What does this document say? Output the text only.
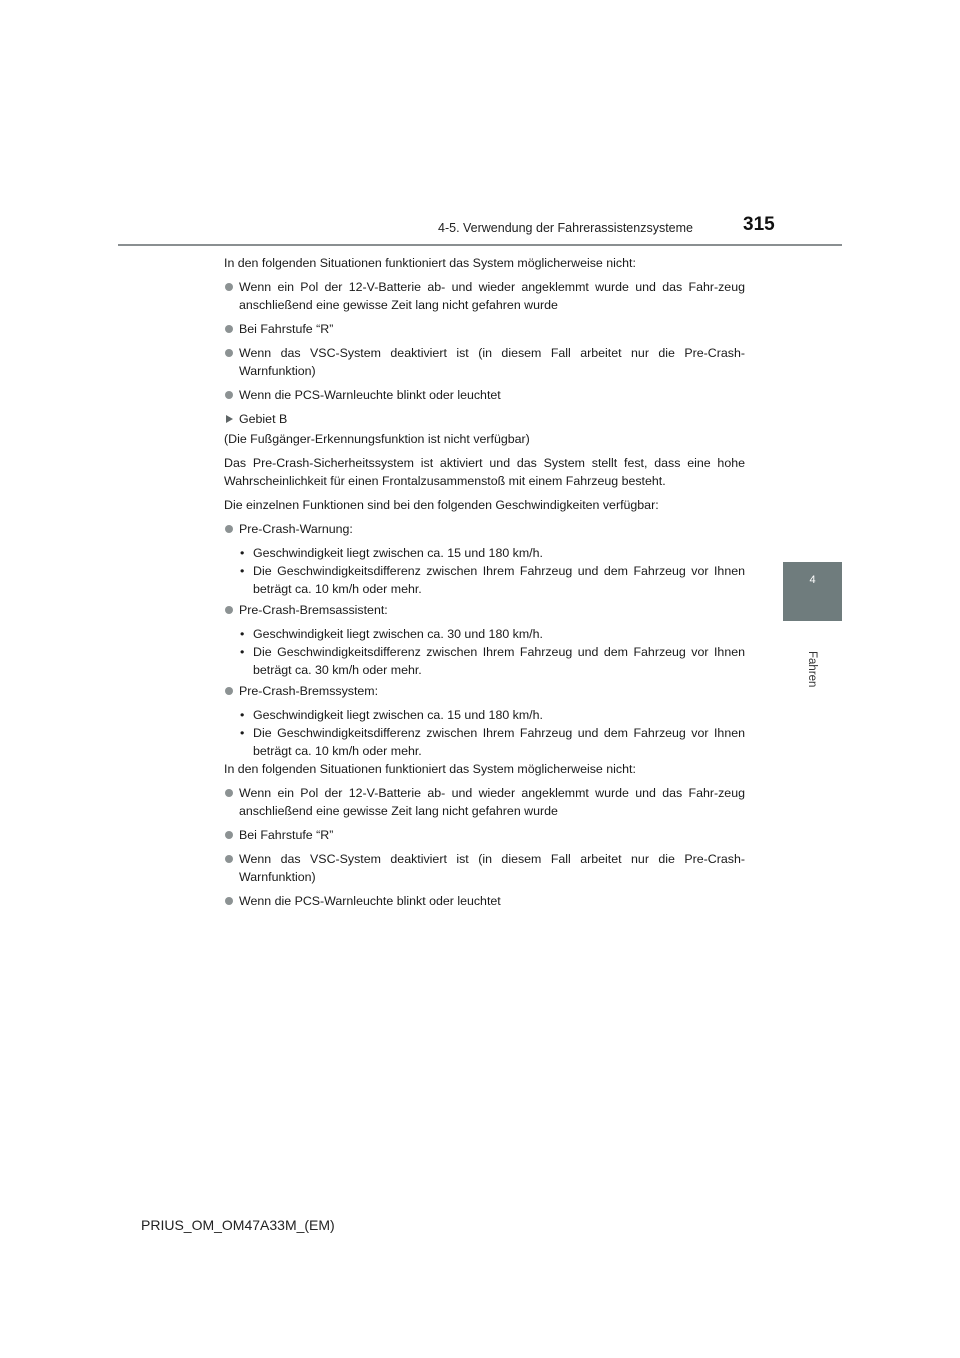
4-5. Verwendung der Fahrerassistenzsysteme	315
4
Fahren

In den folgenden Situationen funktioniert das System möglicherweise nicht:

Wenn ein Pol der 12-V-Batterie ab- und wieder angeklemmt wurde und das Fahr-zeug anschließend eine gewisse Zeit lang nicht gefahren wurde
Bei Fahrstufe “R”
Wenn das VSC-System deaktiviert ist (in diesem Fall arbeitet nur die Pre-Crash-Warnfunktion)
Wenn die PCS-Warnleuchte blinkt oder leuchtet
Gebiet B

(Die Fußgänger-Erkennungsfunktion ist nicht verfügbar)

Das Pre-Crash-Sicherheitssystem ist aktiviert und das System stellt fest, dass eine hohe Wahrscheinlichkeit für einen Frontalzusammenstoß mit einem Fahrzeug besteht.

Die einzelnen Funktionen sind bei den folgenden Geschwindigkeiten verfügbar:

Pre-Crash-Warnung:
• Geschwindigkeit liegt zwischen ca. 15 und 180 km/h.
• Die Geschwindigkeitsdifferenz zwischen Ihrem Fahrzeug und dem Fahrzeug vor Ihnen beträgt ca. 10 km/h oder mehr.
Pre-Crash-Bremsassistent:
• Geschwindigkeit liegt zwischen ca. 30 und 180 km/h.
• Die Geschwindigkeitsdifferenz zwischen Ihrem Fahrzeug und dem Fahrzeug vor Ihnen beträgt ca. 30 km/h oder mehr.
Pre-Crash-Bremssystem:
• Geschwindigkeit liegt zwischen ca. 15 und 180 km/h.
• Die Geschwindigkeitsdifferenz zwischen Ihrem Fahrzeug und dem Fahrzeug vor Ihnen beträgt ca. 10 km/h oder mehr.

In den folgenden Situationen funktioniert das System möglicherweise nicht:

Wenn ein Pol der 12-V-Batterie ab- und wieder angeklemmt wurde und das Fahr-zeug anschließend eine gewisse Zeit lang nicht gefahren wurde
Bei Fahrstufe “R”
Wenn das VSC-System deaktiviert ist (in diesem Fall arbeitet nur die Pre-Crash-Warnfunktion)
Wenn die PCS-Warnleuchte blinkt oder leuchtet
PRIUS_OM_OM47A33M_(EM)
